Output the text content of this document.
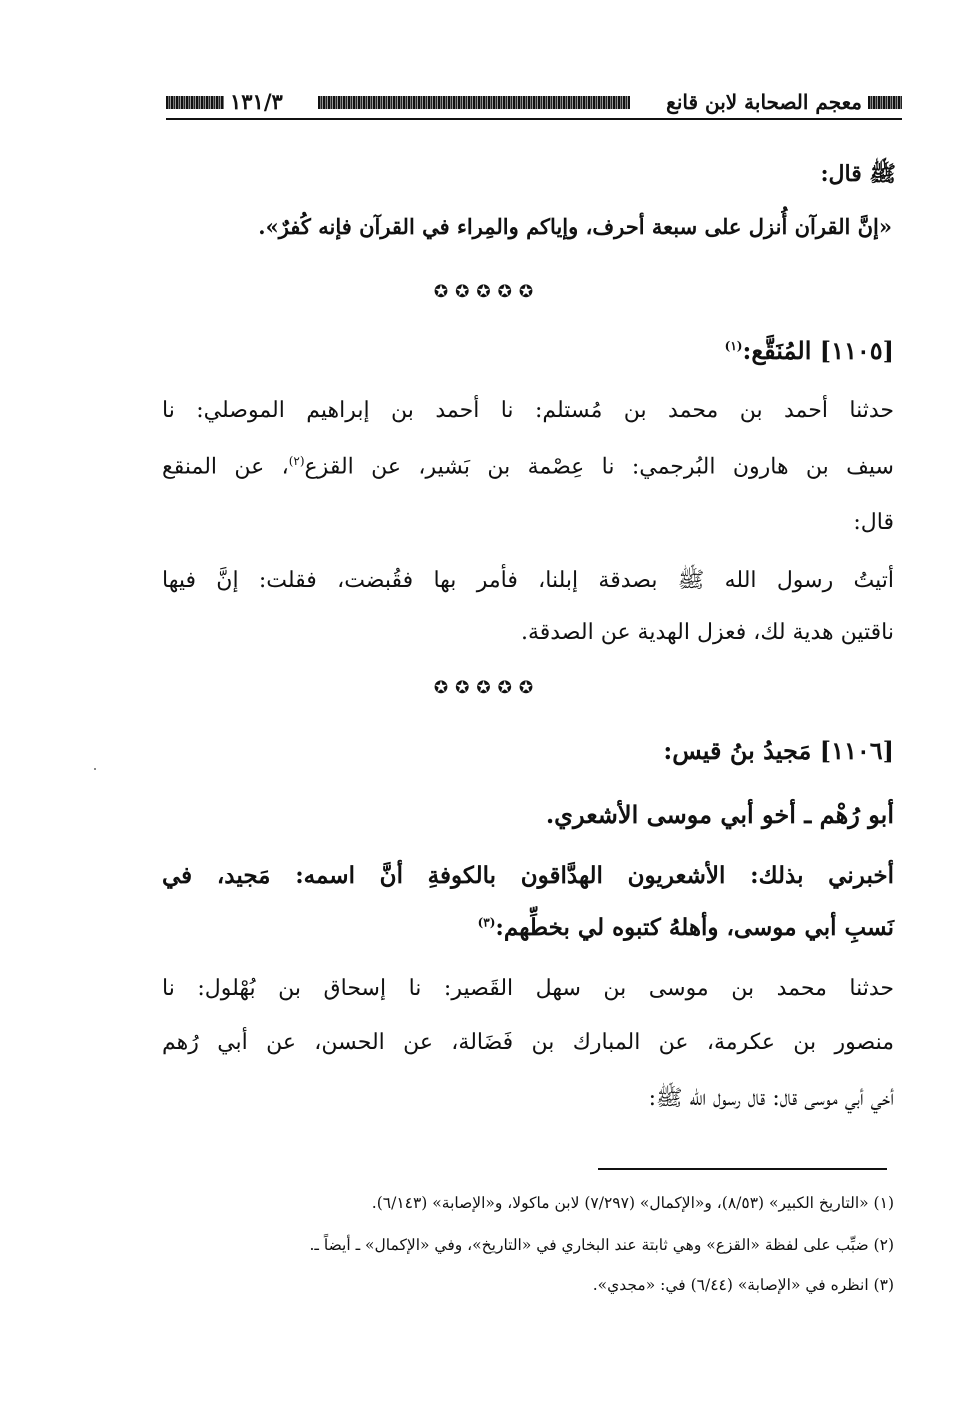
معجم الصحابة لابن قانع
١٣١/٣
ﷺ قال:
«إنَّ القرآن أُنزل على سبعة أحرف، وإياكم والمِراء في القرآن فإنه كُفرٌ».
✪✪✪✪✪
[١١٠٥] المُنَقَّع:$^{(١)}$
حدثنا أحمد بن محمد بن مُستلم: نا أحمد بن إبراهيم الموصلي: نا
سيف بن هارون البُرجمي: نا عِصْمة بن بَشير، عن القزع$^{(٢)}$، عن المنقع
قال:
أتيتُ رسول الله ﷺ بصدقة إبلنا، فأمر بها فقُبضت، فقلت: إنَّ فيها
ناقتين هدية لك، فعزل الهدية عن الصدقة.
✪✪✪✪✪
[١١٠٦] مَجيدُ بنُ قيس:
أبو رُهْم ـ أخو أبي موسى الأشعري.
أخبرني بذلك: الأشعريون الهدَّاقون بالكوفةِ أنَّ اسمه: مَجيد، في
نَسبِ أبي موسى، وأهلهُ كتبوه لي بخطِّهم:$^{(٣)}$
حدثنا محمد بن موسى بن سهل القَصير: نا إسحاق بن بُهْلول: نا
منصور بن عكرمة، عن المبارك بن فَضَالة، عن الحسن، عن أبي رُهم
أخي أبي موسى قال: قال رسول الله ﷺ:
(١) «التاريخ الكبير» (٨/٥٣)، و«الإكمال» (٧/٢٩٧) لابن ماكولا، و«الإصابة» (٦/١٤٣).
(٢) ضبِّب على لفظة «القزع» وهي ثابتة عند البخاري في «التاريخ»، وفي «الإكمال» ـ أيضاً ـ.
(٣) انظره في «الإصابة» (٦/٤٤) في: «مجدي».
